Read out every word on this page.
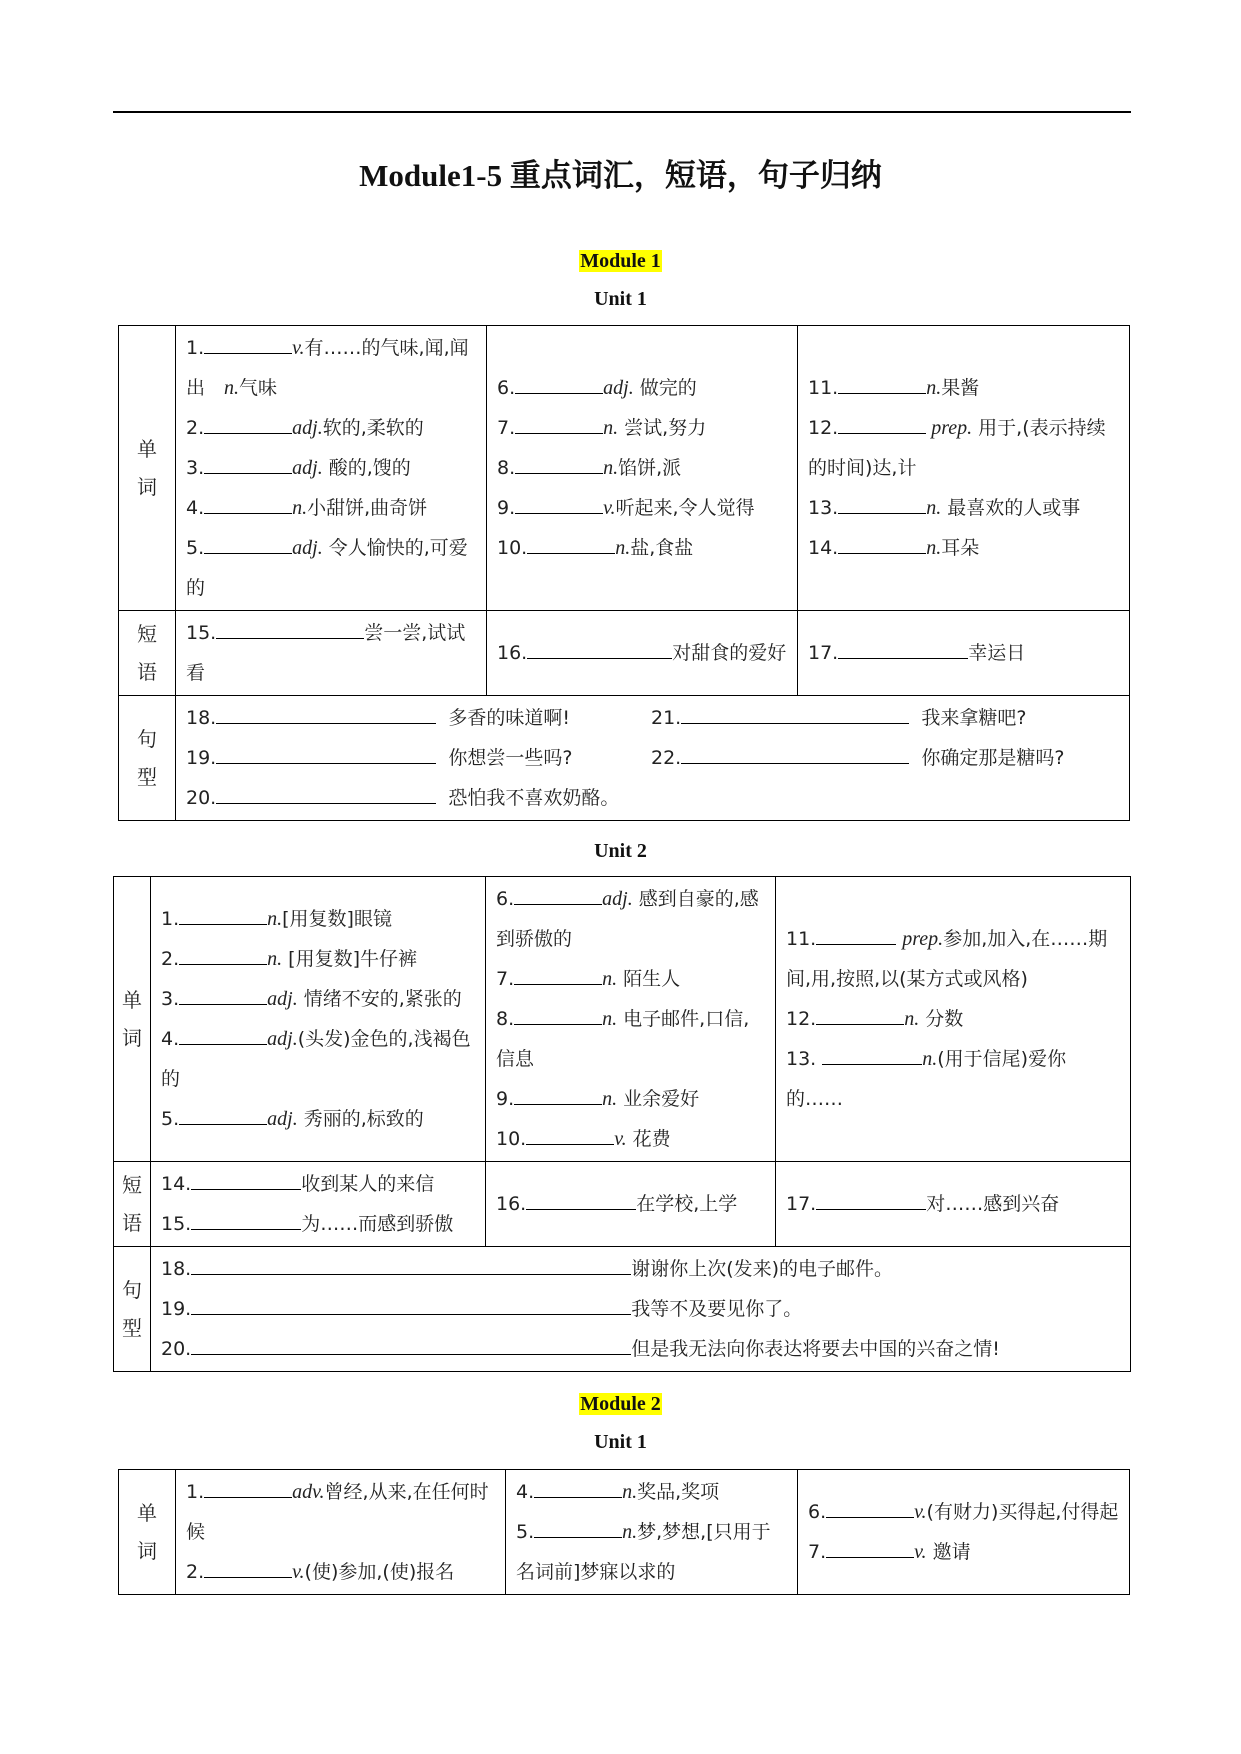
Module1-5 重点词汇，短语，句子归纳
Module 1
Unit 1
单词	1. v.有……的气味,闻,闻出　n.气味
2. adj.软的,柔软的
3. adj. 酸的,馊的
4. n.小甜饼,曲奇饼
5. adj. 令人愉快的,可爱的	6. adj. 做完的
7. n. 尝试,努力
8. n.馅饼,派
9. v.听起来,令人觉得
10. n.盐,食盐	11. n.果酱
12. prep. 用于,(表示持续的时间)达,计
13. n. 最喜欢的人或事
14. n.耳朵

短语	15. 尝一尝,试试看	16. 对甜食的爱好	17. 幸运日
句型	18. 多香的味道啊! 21. 我来拿糖吧?
19. 你想尝一些吗? 22. 你确定那是糖吗?
20. 恐怕我不喜欢奶酪。		
Unit 2
单词	1. n.[用复数]眼镜
2. n. [用复数]牛仔裤
3. adj. 情绪不安的,紧张的
4. adj.(头发)金色的,浅褐色的
5. adj. 秀丽的,标致的	6. adj. 感到自豪的,感到骄傲的
7. n. 陌生人
8. n. 电子邮件,口信,信息
9. n. 业余爱好
10. v. 花费	11. prep.参加,加入,在……期间,用,按照,以(某方式或风格)
12. n. 分数
13. n.(用于信尾)爱你的……

短语	14. 收到某人的来信
15. 为……而感到骄傲	16. 在学校,上学	17. 对……感到兴奋
句型	18. 谢谢你上次(发来)的电子邮件。
19. 我等不及要见你了。
20. 但是我无法向你表达将要去中国的兴奋之情!		
Module 2
Unit 1
单词	
1.	adv.曾经,从来,在任何时候
2.	v.(使)参加,(使)报名

4.	n.奖品,奖项
5.	n.梦,梦想,[只用于名词前]梦寐以求的

6.	v.(有财力)买得起,付得起
7.	v. 邀请
